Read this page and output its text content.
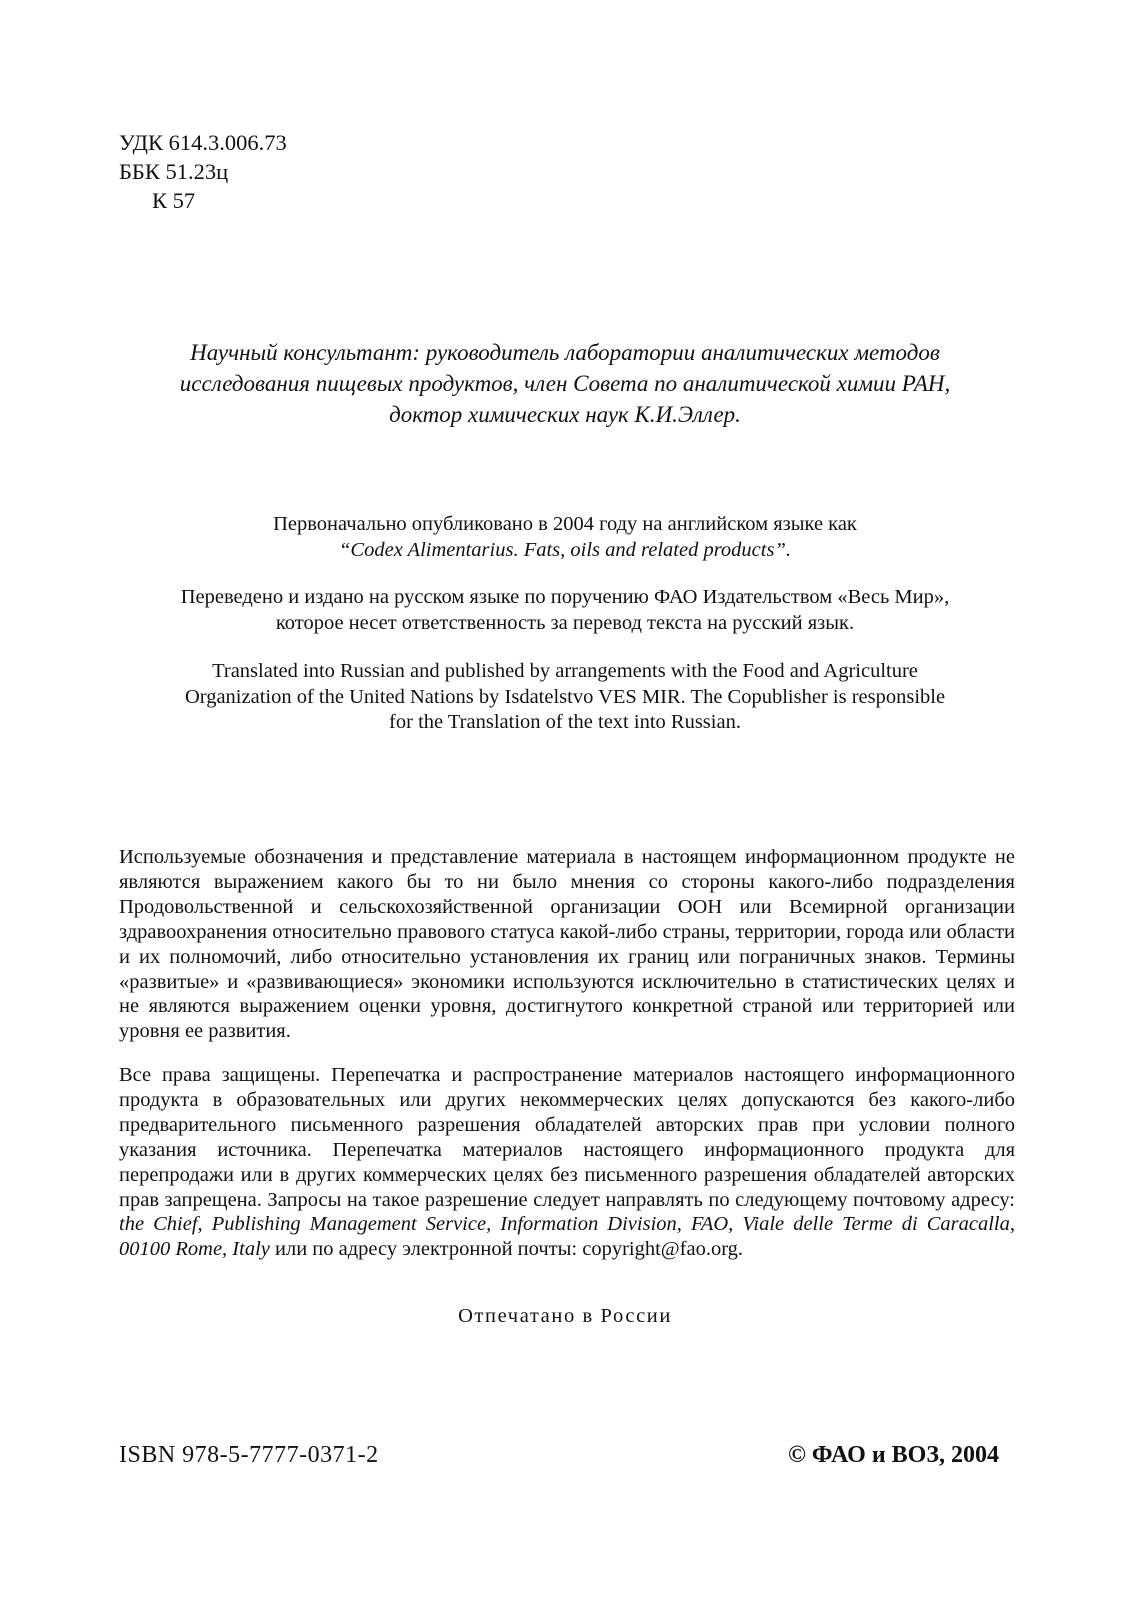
УДК 614.3.006.73
ББК 51.23ц
К 57
Научный консультант: руководитель лаборатории аналитических методов
исследования пищевых продуктов, член Совета по аналитической химии РАН,
доктор химических наук К.И.Эллер.
Первоначально опубликовано в 2004 году на английском языке как
“Codex Alimentarius. Fats, oils and related products”.
Переведено и издано на русском языке по поручению ФАО Издательством «Весь Мир»,
которое несет ответственность за перевод текста на русский язык.
Translated into Russian and published by arrangements with the Food and Agriculture
Organization of the United Nations by Isdatelstvo VES MIR. The Copublisher is responsible
for the Translation of the text into Russian.
Используемые обозначения и представление материала в настоящем информационном продукте не являются выражением какого бы то ни было мнения со стороны какого-либо подразделения Продовольственной и сельскохозяйственной организации ООН или Всемирной организации здравоохранения относительно правового статуса какой-либо страны, территории, города или области и их полномочий, либо относительно установления их границ или пограничных знаков. Термины «развитые» и «развивающиеся» экономики используются исключительно в статистических целях и не являются выражением оценки уровня, достигнутого конкретной страной или территорией или уровня ее развития.
Все права защищены. Перепечатка и распространение материалов настоящего информационного продукта в образовательных или других некоммерческих целях допускаются без какого-либо предварительного письменного разрешения обладателей авторских прав при условии полного указания источника. Перепечатка материалов настоящего информационного продукта для перепродажи или в других коммерческих целях без письменного разрешения обладателей авторских прав запрещена. Запросы на такое разрешение следует направлять по следующему почтовому адресу: the Chief, Publishing Management Service, Information Division, FAO, Viale delle Terme di Caracalla, 00100 Rome, Italy или по адресу электронной почты: copyright@fao.org.
Отпечатано в России
ISBN 978-5-7777-0371-2	© ФАО и ВОЗ, 2004
